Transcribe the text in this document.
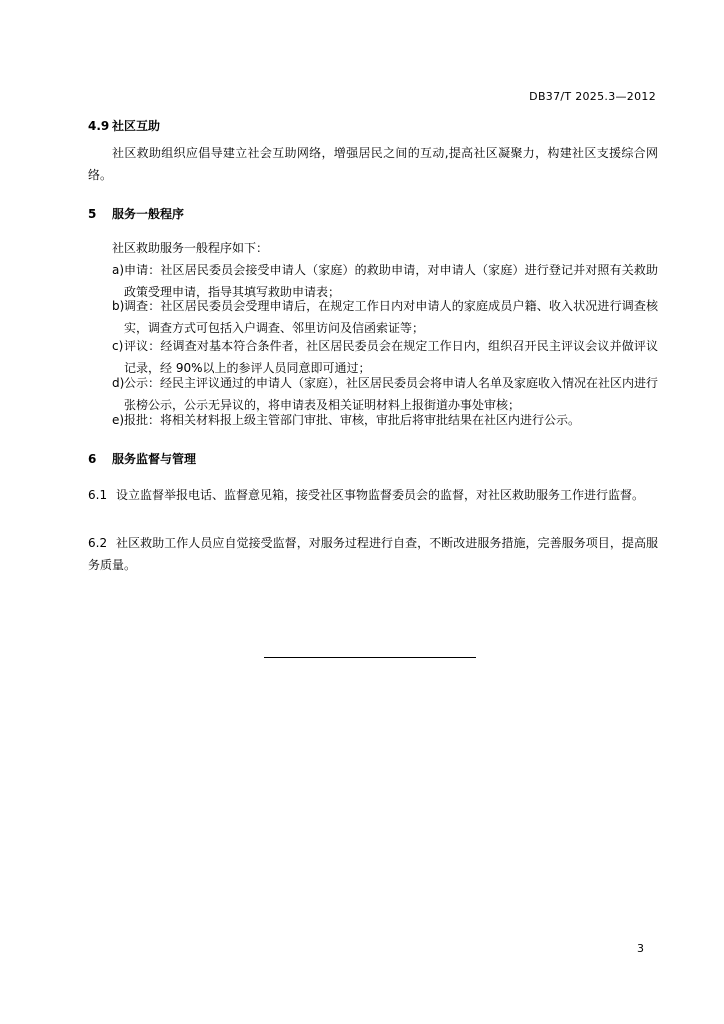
DB37/T 2025.3—2012
4.9 社区互助
社区救助组织应倡导建立社会互助网络，增强居民之间的互动,提高社区凝聚力，构建社区支援综合网络。
5 服务一般程序
社区救助服务一般程序如下：
a) 申请：社区居民委员会接受申请人（家庭）的救助申请，对申请人（家庭）进行登记并对照有关救助政策受理申请，指导其填写救助申请表；
b) 调查：社区居民委员会受理申请后，在规定工作日内对申请人的家庭成员户籍、收入状况进行调查核实，调查方式可包括入户调查、邻里访问及信函索证等；
c) 评议：经调查对基本符合条件者，社区居民委员会在规定工作日内，组织召开民主评议会议并做评议记录，经 90%以上的参评人员同意即可通过；
d) 公示：经民主评议通过的申请人（家庭），社区居民委员会将申请人名单及家庭收入情况在社区内进行张榜公示，公示无异议的，将申请表及相关证明材料上报街道办事处审核；
e) 报批：将相关材料报上级主管部门审批、审核，审批后将审批结果在社区内进行公示。
6 服务监督与管理
6.1 设立监督举报电话、监督意见箱，接受社区事物监督委员会的监督，对社区救助服务工作进行监督。
6.2 社区救助工作人员应自觉接受监督，对服务过程进行自查，不断改进服务措施，完善服务项目，提高服务质量。
3
